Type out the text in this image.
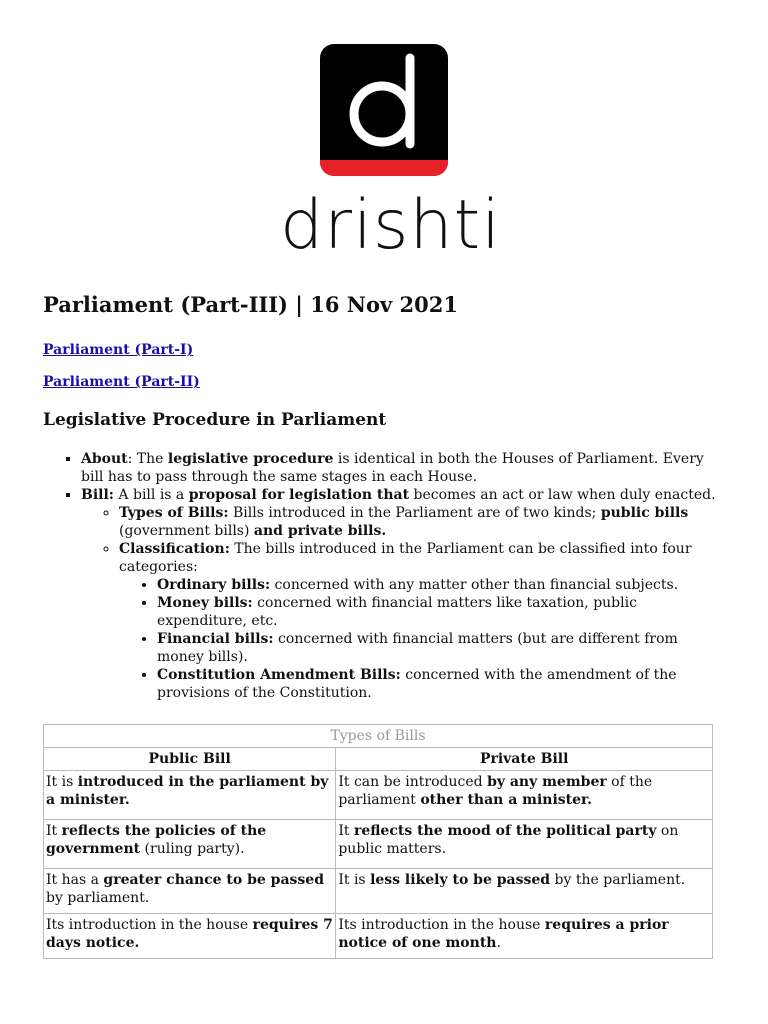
drishti
Parliament (Part-III) | 16 Nov 2021
Parliament (Part-I)
Parliament (Part-II)
Legislative Procedure in Parliament
▪ About: The legislative procedure is identical in both the Houses of Parliament. Every bill has to pass through the same stages in each House.
▪ Bill: A bill is a proposal for legislation that becomes an act or law when duly enacted.
◦ Types of Bills: Bills introduced in the Parliament are of two kinds; public bills (government bills) and private bills.
◦ Classification: The bills introduced in the Parliament can be classified into four categories:
• Ordinary bills: concerned with any matter other than financial subjects.
• Money bills: concerned with financial matters like taxation, public expenditure, etc.
• Financial bills: concerned with financial matters (but are different from money bills).
• Constitution Amendment Bills: concerned with the amendment of the provisions of the Constitution.
Types of Bills
Public Bill	Private Bill
It is introduced in the parliament by a minister.	It can be introduced by any member of the parliament other than a minister.
It reflects the policies of the government (ruling party).	It reflects the mood of the political party on public matters.
It has a greater chance to be passed by parliament.	It is less likely to be passed by the parliament.
Its introduction in the house requires 7 days notice.	Its introduction in the house requires a prior notice of one month.
